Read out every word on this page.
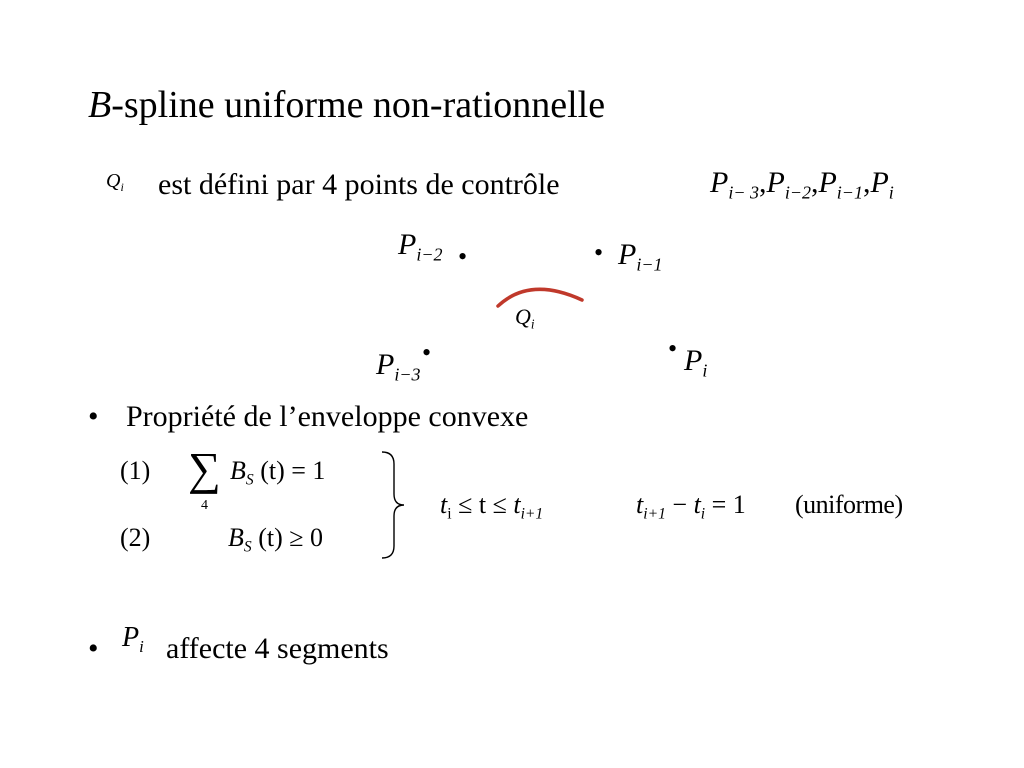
B-spline uniforme non-rationnelle
$Q_i$ est défini par 4 points de contrôle	$P_{i- 3},P_{i-2},P_{i-1},P_i$
$P_{i-2}$ •	• $P_{i-1}$
$Q_i$
•
$P_{i-3}$
• $P_i$
• Propriété de l’enveloppe convexe
(1) ∑
4
$B_S$ (t) = 1
(2)	$B_S$ (t) ≥ 0
$t_i \le t \le t_{i+1}$	$t_{i+1} - t_i = 1$ (uniforme)
• $P_i$ affecte 4 segments
